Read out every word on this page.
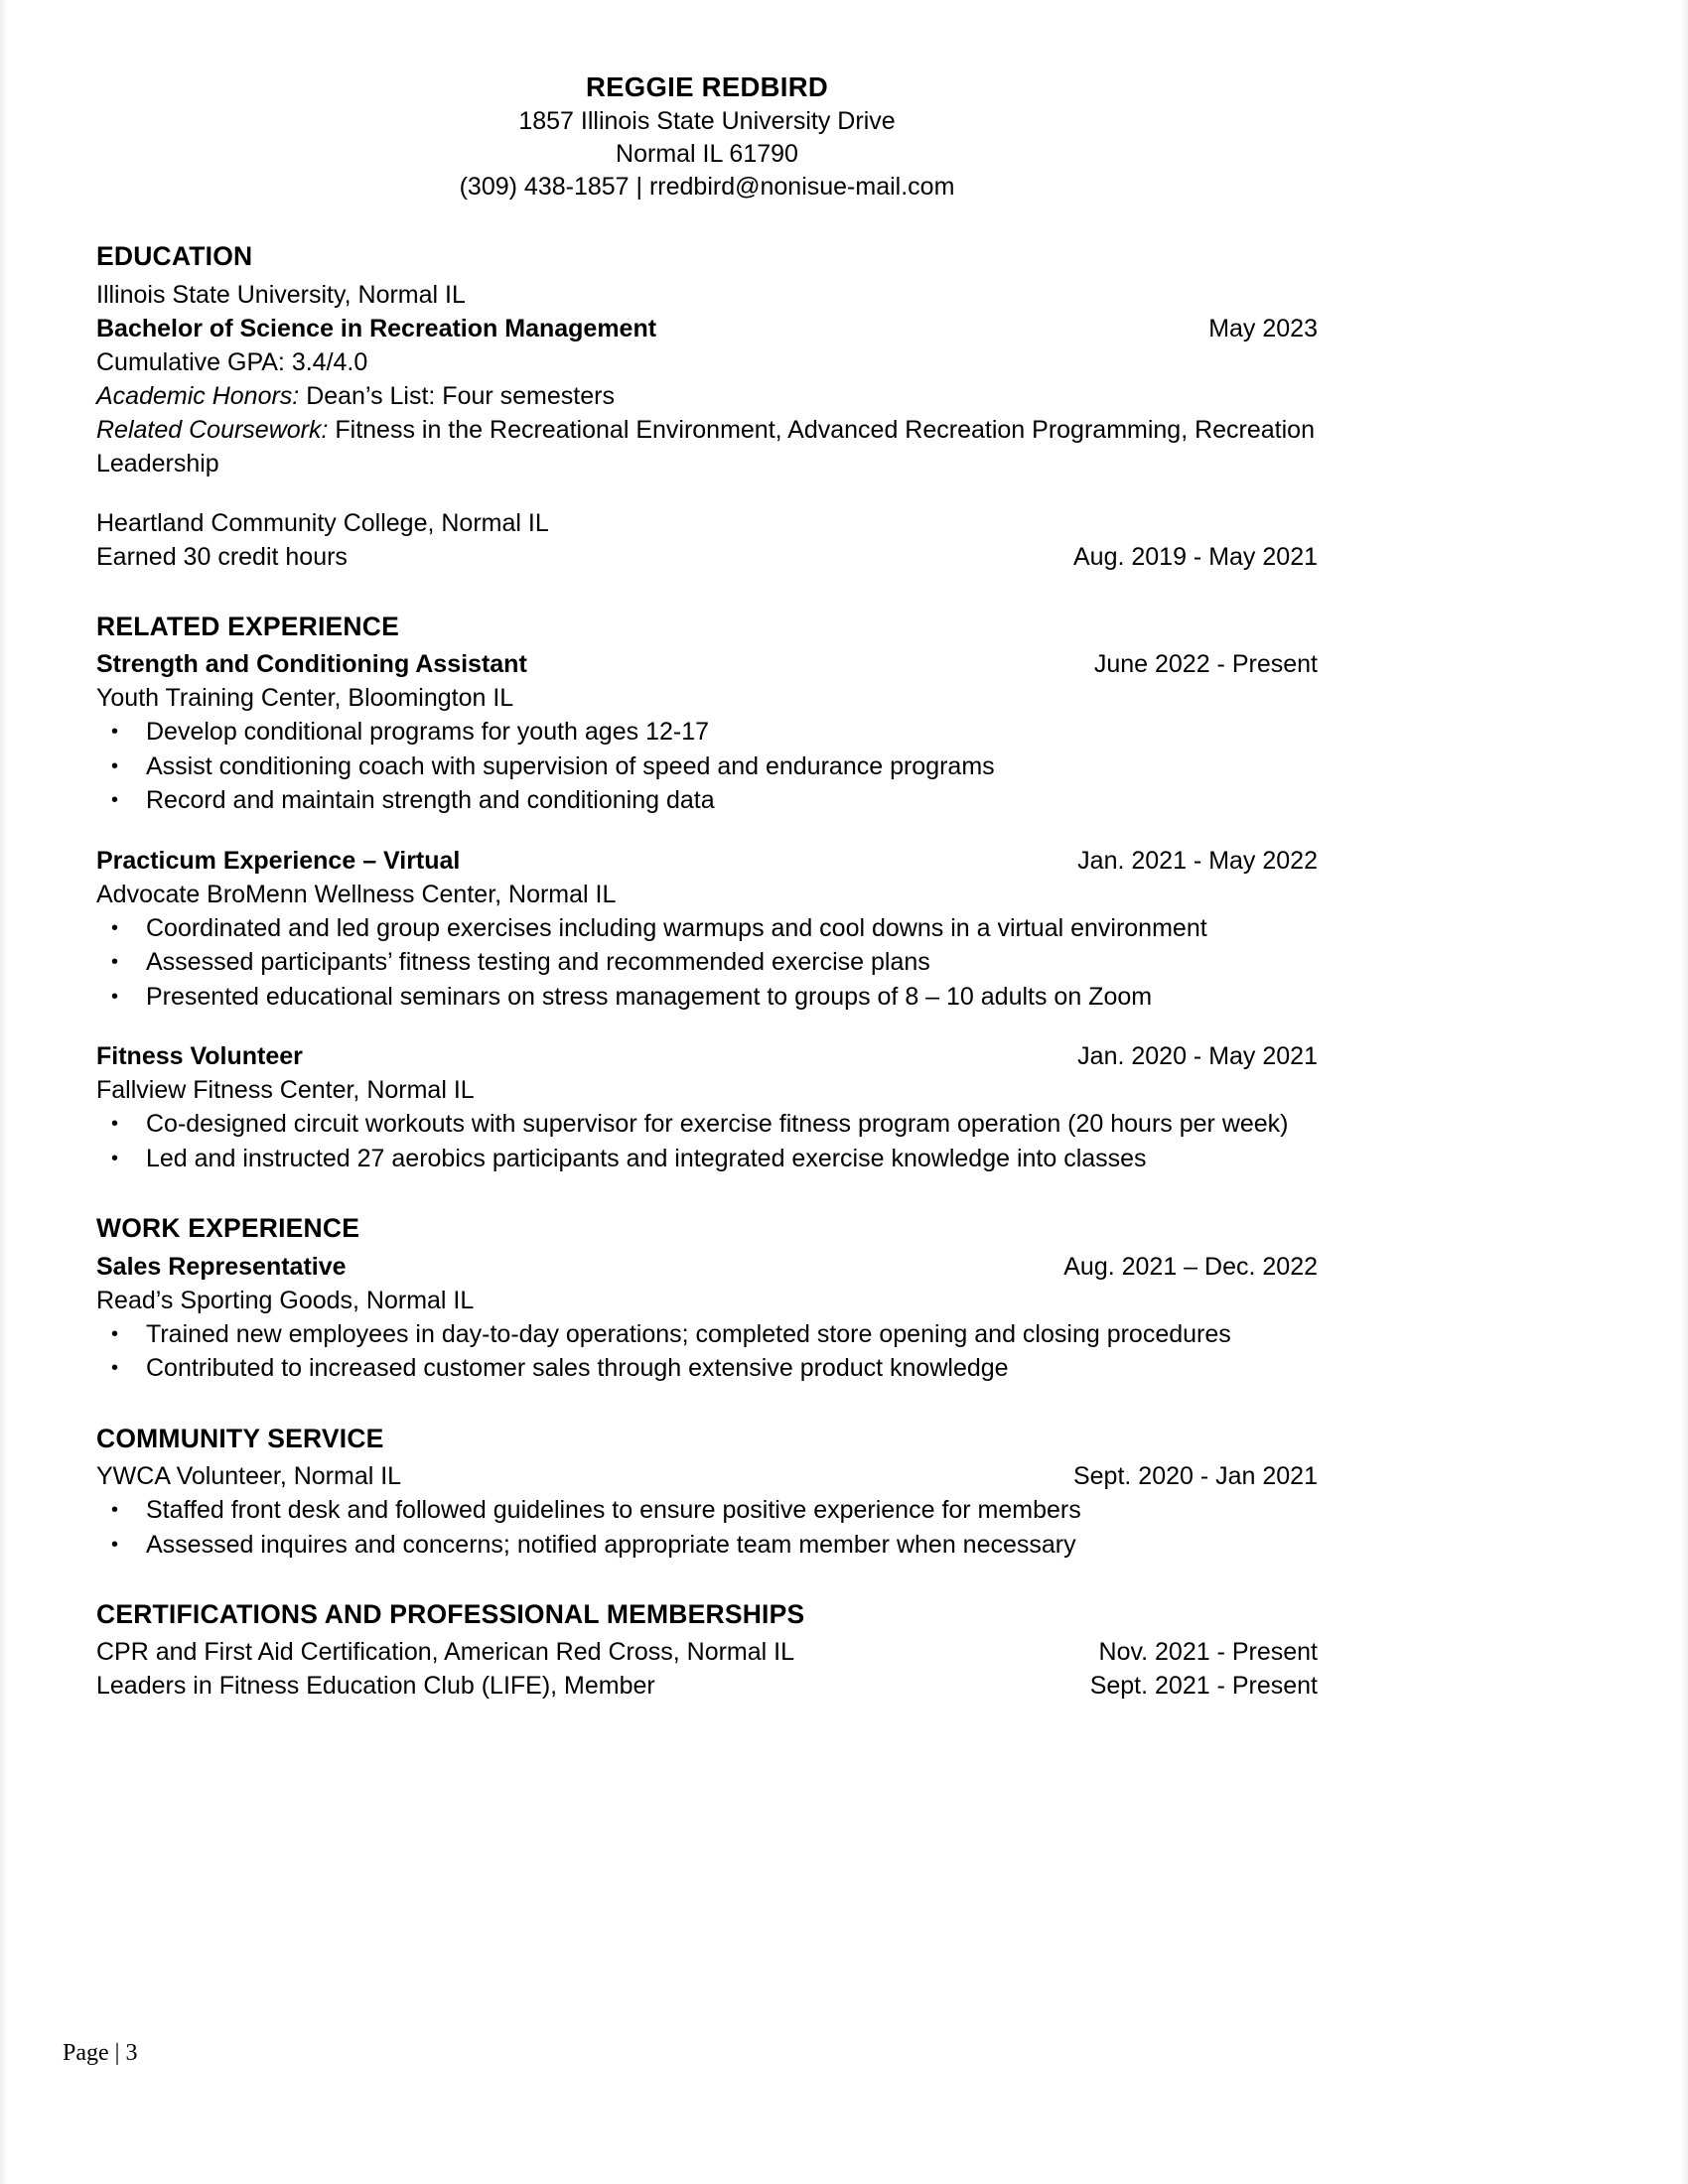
REGGIE REDBIRD
1857 Illinois State University Drive
Normal IL 61790
(309) 438-1857 | rredbird@nonisue-mail.com
EDUCATION
Illinois State University, Normal IL
Bachelor of Science in Recreation Management	May 2023
Cumulative GPA: 3.4/4.0
Academic Honors: Dean’s List: Four semesters
Related Coursework: Fitness in the Recreational Environment, Advanced Recreation Programming, Recreation Leadership
Heartland Community College, Normal IL
Earned 30 credit hours	Aug. 2019 - May 2021
RELATED EXPERIENCE
Strength and Conditioning Assistant	June 2022 - Present
Youth Training Center, Bloomington IL
• Develop conditional programs for youth ages 12-17
• Assist conditioning coach with supervision of speed and endurance programs
• Record and maintain strength and conditioning data
Practicum Experience – Virtual	Jan. 2021 - May 2022
Advocate BroMenn Wellness Center, Normal IL
• Coordinated and led group exercises including warmups and cool downs in a virtual environment
• Assessed participants’ fitness testing and recommended exercise plans
• Presented educational seminars on stress management to groups of 8 – 10 adults on Zoom
Fitness Volunteer	Jan. 2020 - May 2021
Fallview Fitness Center, Normal IL
• Co-designed circuit workouts with supervisor for exercise fitness program operation (20 hours per week)
• Led and instructed 27 aerobics participants and integrated exercise knowledge into classes
WORK EXPERIENCE
Sales Representative	Aug. 2021 – Dec. 2022
Read’s Sporting Goods, Normal IL
• Trained new employees in day-to-day operations; completed store opening and closing procedures
• Contributed to increased customer sales through extensive product knowledge
COMMUNITY SERVICE
YWCA Volunteer, Normal IL	Sept. 2020 - Jan 2021
• Staffed front desk and followed guidelines to ensure positive experience for members
• Assessed inquires and concerns; notified appropriate team member when necessary
CERTIFICATIONS AND PROFESSIONAL MEMBERSHIPS
CPR and First Aid Certification, American Red Cross, Normal IL	Nov. 2021 - Present
Leaders in Fitness Education Club (LIFE), Member	Sept. 2021 - Present
Page | 3
